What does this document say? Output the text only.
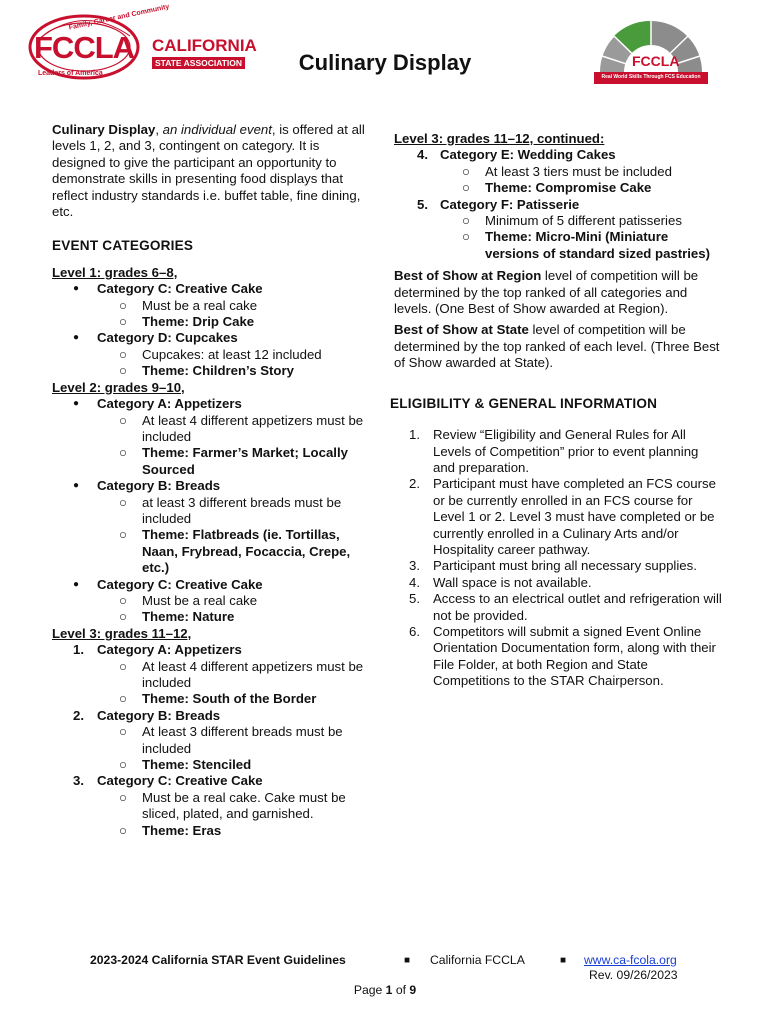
Family, Career and Community
FCCLA
Leaders of America
CALIFORNIA
STATE ASSOCIATION	FCCLA
Real World Skills Through FCS Education
Culinary Display

Culinary Display, an individual event, is offered at all levels 1, 2, and 3, contingent on category. It is designed to give the participant an opportunity to demonstrate skills in presenting food displays that reflect industry standards i.e. buffet table, fine dining, etc.

EVENT CATEGORIES
Level 1: grades 6–8,
● Category C: Creative Cake
○ Must be a real cake
○ Theme: Drip Cake
● Category D: Cupcakes
○ Cupcakes: at least 12 included
○ Theme: Children’s Story
Level 2: grades 9–10,
● Category A: Appetizers
○ At least 4 different appetizers must be included
○ Theme: Farmer’s Market; Locally Sourced
● Category B: Breads
○ at least 3 different breads must be included
○ Theme: Flatbreads (ie. Tortillas, Naan, Frybread, Focaccia, Crepe, etc.)
● Category C: Creative Cake
○ Must be a real cake
○ Theme: Nature
Level 3: grades 11–12,
1. Category A: Appetizers
○ At least 4 different appetizers must be included
○ Theme: South of the Border
2. Category B: Breads
○ At least 3 different breads must be included
○ Theme: Stenciled
3. Category C: Creative Cake
○ Must be a real cake. Cake must be sliced, plated, and garnished.
○ Theme: Eras
Level 3: grades 11–12, continued:
4. Category E: Wedding Cakes
○ At least 3 tiers must be included
○ Theme: Compromise Cake
5. Category F: Patisserie
○ Minimum of 5 different patisseries
○ Theme: Micro-Mini (Miniature versions of standard sized pastries)

Best of Show at Region level of competition will be determined by the top ranked of all categories and levels. (One Best of Show awarded at Region).

Best of Show at State level of competition will be determined by the top ranked of each level. (Three Best of Show awarded at State).

ELIGIBILITY & GENERAL INFORMATION
1. Review “Eligibility and General Rules for All Levels of Competition” prior to event planning and preparation.
2. Participant must have completed an FCS course or be currently enrolled in an FCS course for Level 1 or 2. Level 3 must have completed or be currently enrolled in a Culinary Arts and/or Hospitality career pathway.
3. Participant must bring all necessary supplies.
4. Wall space is not available.
5. Access to an electrical outlet and refrigeration will not be provided.
6. Competitors will submit a signed Event Online Orientation Documentation form, along with their File Folder, at both Region and State Competitions to the STAR Chairperson.
2023-2024 California STAR Event Guidelines	■ California FCCLA	■ www.ca-fcola.org
Rev. 09/26/2023
Page 1 of 9
